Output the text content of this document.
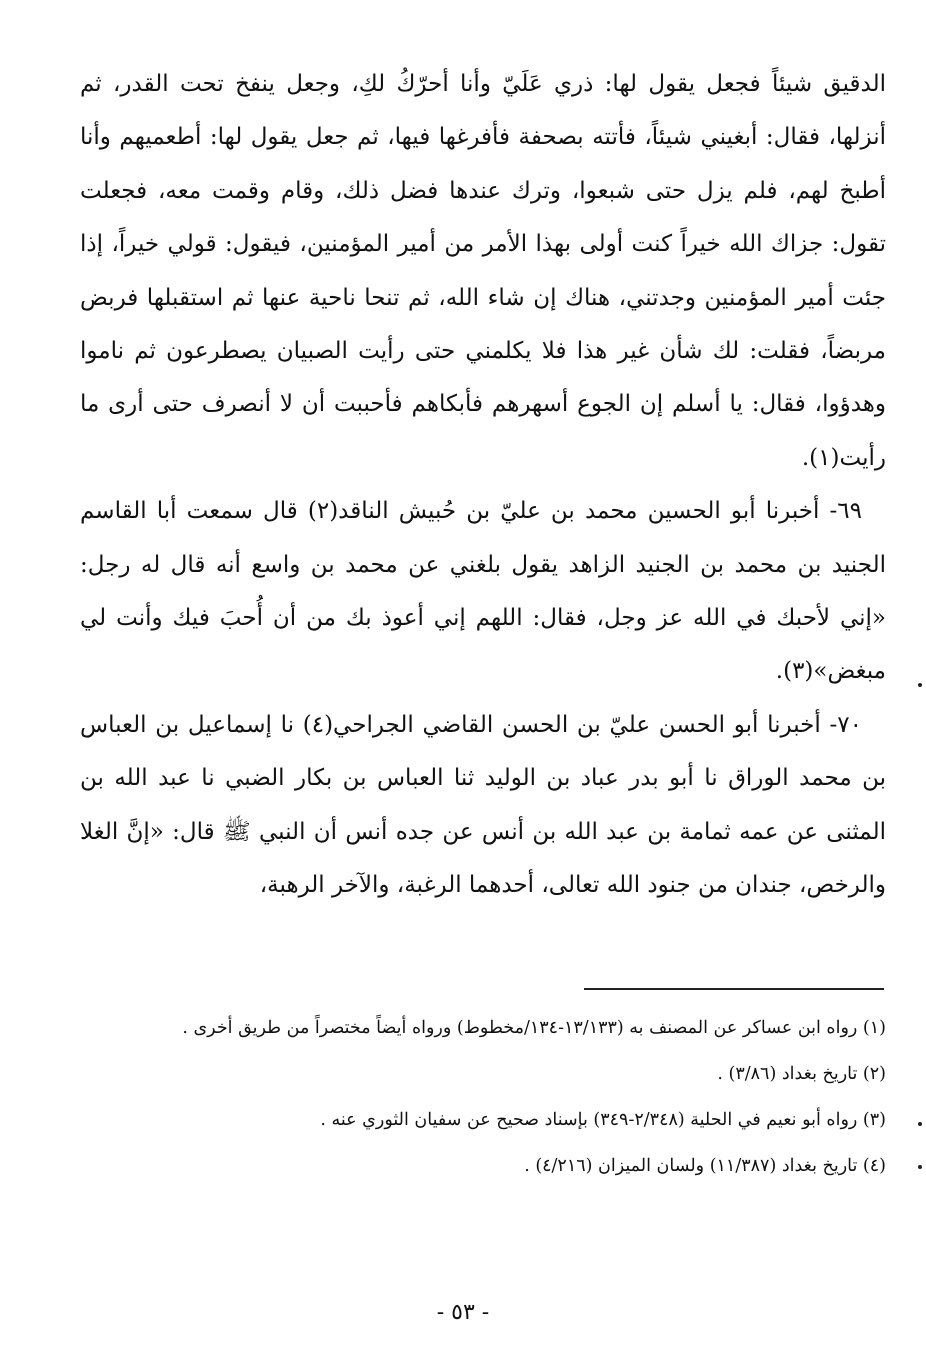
الدقيق شيئاً فجعل يقول لها: ذري عَلَيّ وأنا أحرّكُ لكِ، وجعل ينفخ تحت القدر، ثم أنزلها، فقال: أبغيني شيئاً، فأتته بصحفة فأفرغها فيها، ثم جعل يقول لها: أطعميهم وأنا أطبخ لهم، فلم يزل حتى شبعوا، وترك عندها فضل ذلك، وقام وقمت معه، فجعلت تقول: جزاك الله خيراً كنت أولى بهذا الأمر من أمير المؤمنين، فيقول: قولي خيراً، إذا جئت أمير المؤمنين وجدتني، هناك إن شاء الله، ثم تنحا ناحية عنها ثم استقبلها فربض مربضاً، فقلت: لك شأن غير هذا فلا يكلمني حتى رأيت الصبيان يصطرعون ثم ناموا وهدؤوا، فقال: يا أسلم إن الجوع أسهرهم فأبكاهم فأحببت أن لا أنصرف حتى أرى ما رأيت(١).

٦٩- أخبرنا أبو الحسين محمد بن عليّ بن حُبيش الناقد(٢) قال سمعت أبا القاسم الجنيد بن محمد بن الجنيد الزاهد يقول بلغني عن محمد بن واسع أنه قال له رجل: «إني لأحبك في الله عز وجل، فقال: اللهم إني أعوذ بك من أن أُحبَ فيك وأنت لي مبغض»(٣).

٧٠- أخبرنا أبو الحسن عليّ بن الحسن القاضي الجراحي(٤) نا إسماعيل بن العباس بن محمد الوراق نا أبو بدر عباد بن الوليد ثنا العباس بن بكار الضبي نا عبد الله بن المثنى عن عمه ثمامة بن عبد الله بن أنس عن جده أنس أن النبي ﷺ قال: «إنَّ الغلا والرخص، جندان من جنود الله تعالى، أحدهما الرغبة، والآخر الرهبة،

(١) رواه ابن عساكر عن المصنف به (١٣/١٣٣-١٣٤/مخطوط) ورواه أيضاً مختصراً من طريق أخرى .

(٢) تاريخ بغداد (٣/٨٦) .

(٣) رواه أبو نعيم في الحلية (٢/٣٤٨-٣٤٩) بإسناد صحيح عن سفيان الثوري عنه .

(٤) تاريخ بغداد (١١/٣٨٧) ولسان الميزان (٤/٢١٦) .

- ٥٣ -
